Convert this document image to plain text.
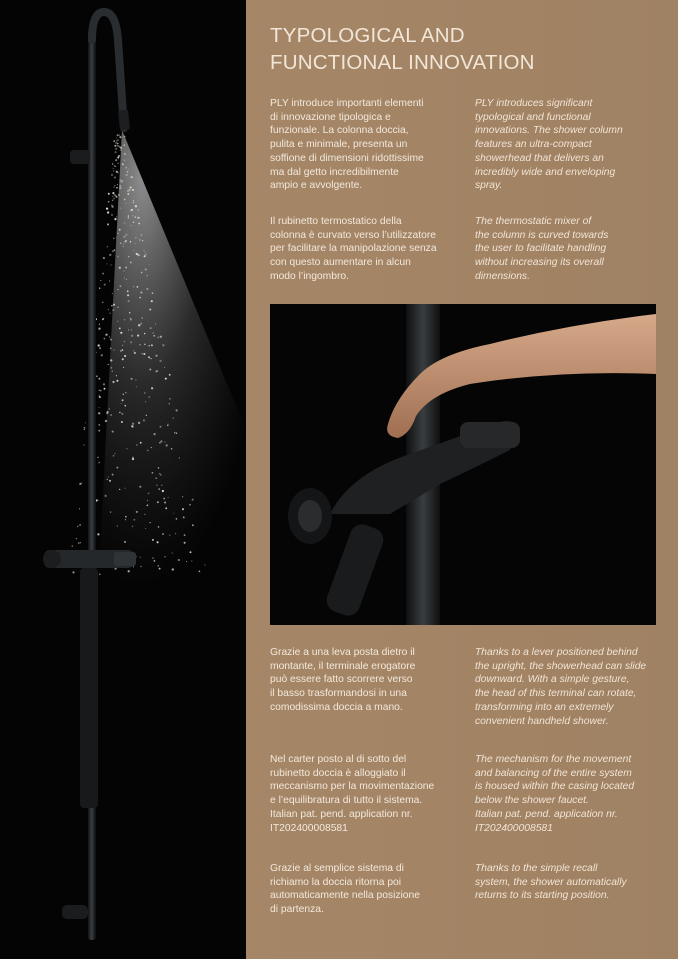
TYPOLOGICAL AND
FUNCTIONAL INNOVATION

PLY introduce importanti elementi
di innovazione tipologica e
funzionale. La colonna doccia,
pulita e minimale, presenta un
soffione di dimensioni ridottissime
ma dal getto incredibilmente
ampio e avvolgente.

PLY introduces significant
typological and functional
innovations. The shower column
features an ultra-compact
showerhead that delivers an
incredibly wide and enveloping
spray.

Il rubinetto termostatico della
colonna è curvato verso l’utilizzatore
per facilitare la manipolazione senza
con questo aumentare in alcun
modo l’ingombro.

The thermostatic mixer of
the column is curved towards
the user to facilitate handling
without increasing its overall
dimensions.

Grazie a una leva posta dietro il
montante, il terminale erogatore
può essere fatto scorrere verso
il basso trasformandosi in una
comodissima doccia a mano.

Thanks to a lever positioned behind
the upright, the showerhead can slide
downward. With a simple gesture,
the head of this terminal can rotate,
transforming into an extremely
convenient handheld shower.

Nel carter posto al di sotto del
rubinetto doccia è alloggiato il
meccanismo per la movimentazione
e l’equilibratura di tutto il sistema.
Italian pat. pend. application nr.
IT202400008581

The mechanism for the movement
and balancing of the entire system
is housed within the casing located
below the shower faucet.
Italian pat. pend. application nr.
IT202400008581

Grazie al semplice sistema di
richiamo la doccia ritorna poi
automaticamente nella posizione
di partenza.

Thanks to the simple recall
system, the shower automatically
returns to its starting position.
